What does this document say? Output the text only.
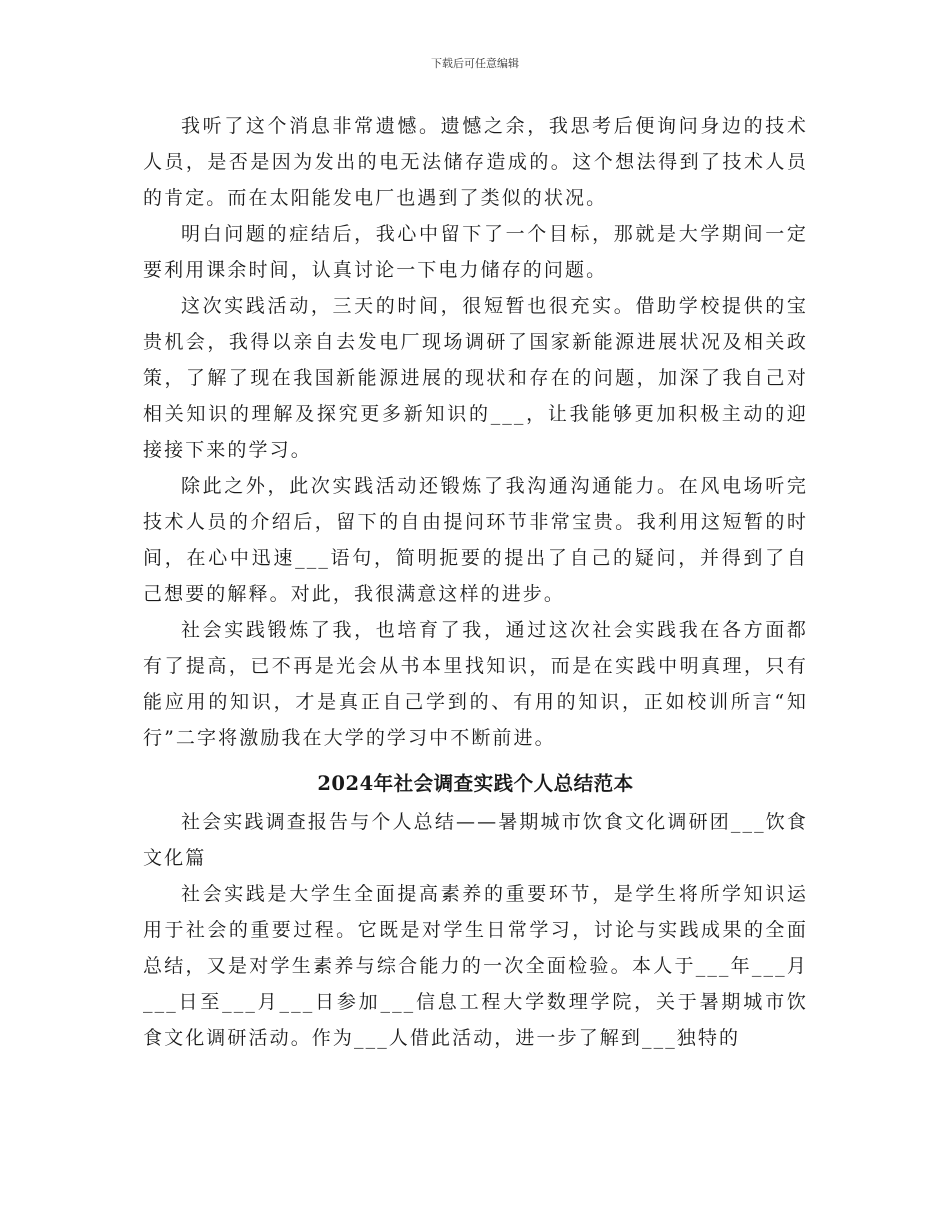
下载后可任意编辑

我听了这个消息非常遗憾。遗憾之余，我思考后便询问身边的技术人员，是否是因为发出的电无法储存造成的。这个想法得到了技术人员的肯定。而在太阳能发电厂也遇到了类似的状况。

明白问题的症结后，我心中留下了一个目标，那就是大学期间一定要利用课余时间，认真讨论一下电力储存的问题。

这次实践活动，三天的时间，很短暂也很充实。借助学校提供的宝贵机会，我得以亲自去发电厂现场调研了国家新能源进展状况及相关政策，了解了现在我国新能源进展的现状和存在的问题，加深了我自己对相关知识的理解及探究更多新知识的___，让我能够更加积极主动的迎接接下来的学习。

除此之外，此次实践活动还锻炼了我沟通沟通能力。在风电场听完技术人员的介绍后，留下的自由提问环节非常宝贵。我利用这短暂的时间，在心中迅速___语句，简明扼要的提出了自己的疑问，并得到了自己想要的解释。对此，我很满意这样的进步。

社会实践锻炼了我，也培育了我，通过这次社会实践我在各方面都有了提高，已不再是光会从书本里找知识，而是在实践中明真理，只有能应用的知识，才是真正自己学到的、有用的知识，正如校训所言“知行”二字将激励我在大学的学习中不断前进。

2024年社会调查实践个人总结范本

社会实践调查报告与个人总结——暑期城市饮食文化调研团___饮食文化篇

社会实践是大学生全面提高素养的重要环节，是学生将所学知识运用于社会的重要过程。它既是对学生日常学习，讨论与实践成果的全面总结，又是对学生素养与综合能力的一次全面检验。本人于___年___月___日至___月___日参加___信息工程大学数理学院，关于暑期城市饮食文化调研活动。作为___人借此活动，进一步了解到___独特的
